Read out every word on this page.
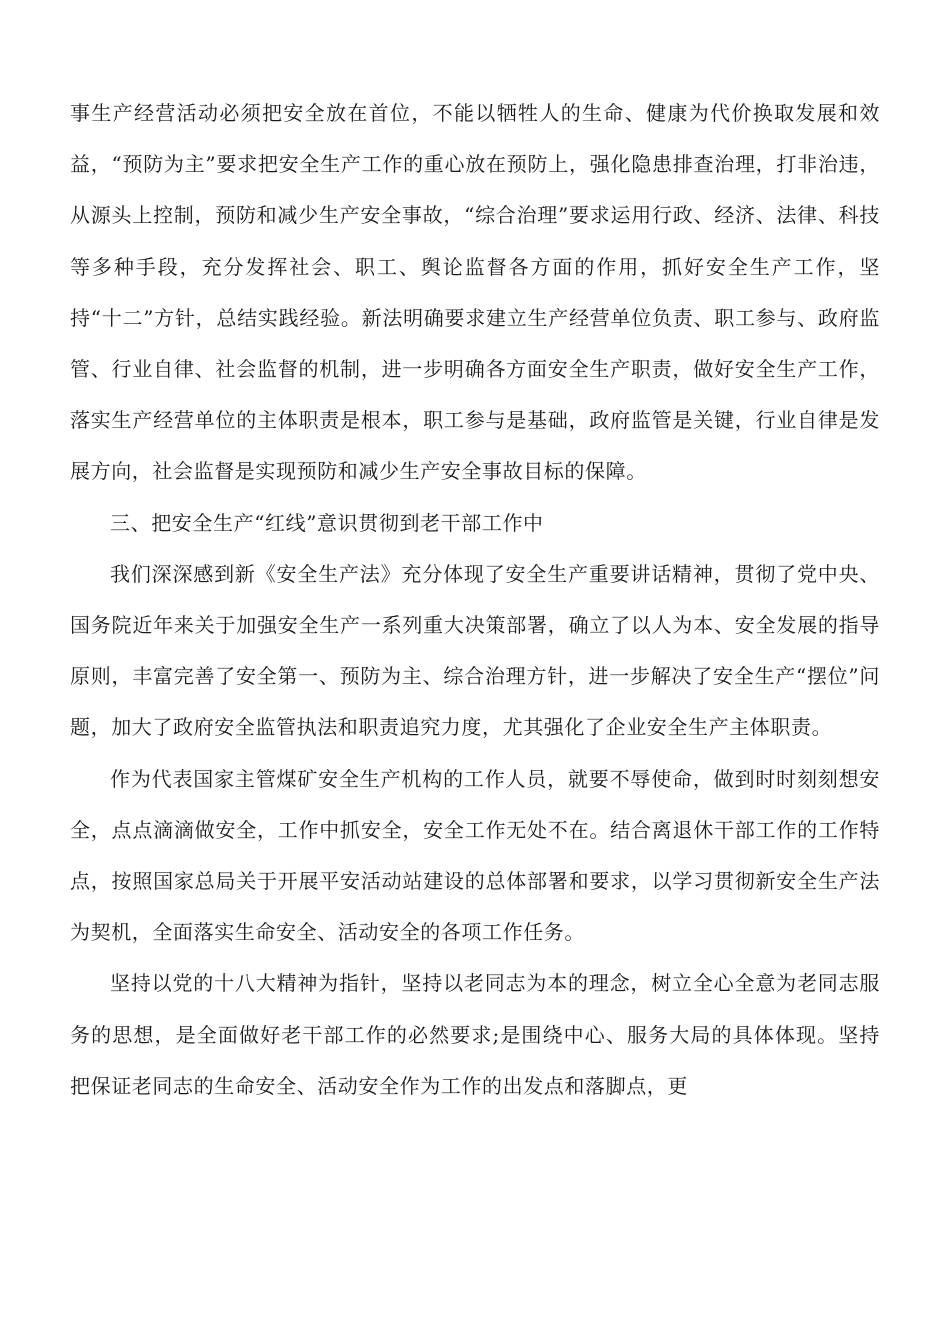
事生产经营活动必须把安全放在首位，不能以牺牲人的生命、健康为代价换取发展和效益，“预防为主”要求把安全生产工作的重心放在预防上，强化隐患排查治理，打非治违，从源头上控制，预防和减少生产安全事故，“综合治理”要求运用行政、经济、法律、科技等多种手段，充分发挥社会、职工、舆论监督各方面的作用，抓好安全生产工作，坚持“十二”方针，总结实践经验。新法明确要求建立生产经营单位负责、职工参与、政府监管、行业自律、社会监督的机制，进一步明确各方面安全生产职责，做好安全生产工作，落实生产经营单位的主体职责是根本，职工参与是基础，政府监管是关键，行业自律是发展方向，社会监督是实现预防和减少生产安全事故目标的保障。

三、把安全生产“红线”意识贯彻到老干部工作中

我们深深感到新《安全生产法》充分体现了安全生产重要讲话精神，贯彻了党中央、国务院近年来关于加强安全生产一系列重大决策部署，确立了以人为本、安全发展的指导原则，丰富完善了安全第一、预防为主、综合治理方针，进一步解决了安全生产“摆位”问题，加大了政府安全监管执法和职责追究力度，尤其强化了企业安全生产主体职责。

作为代表国家主管煤矿安全生产机构的工作人员，就要不辱使命，做到时时刻刻想安全，点点滴滴做安全，工作中抓安全，安全工作无处不在。结合离退休干部工作的工作特点，按照国家总局关于开展平安活动站建设的总体部署和要求，以学习贯彻新安全生产法为契机，全面落实生命安全、活动安全的各项工作任务。

坚持以党的十八大精神为指针，坚持以老同志为本的理念，树立全心全意为老同志服务的思想，是全面做好老干部工作的必然要求;是围绕中心、服务大局的具体体现。坚持把保证老同志的生命安全、活动安全作为工作的出发点和落脚点，更
